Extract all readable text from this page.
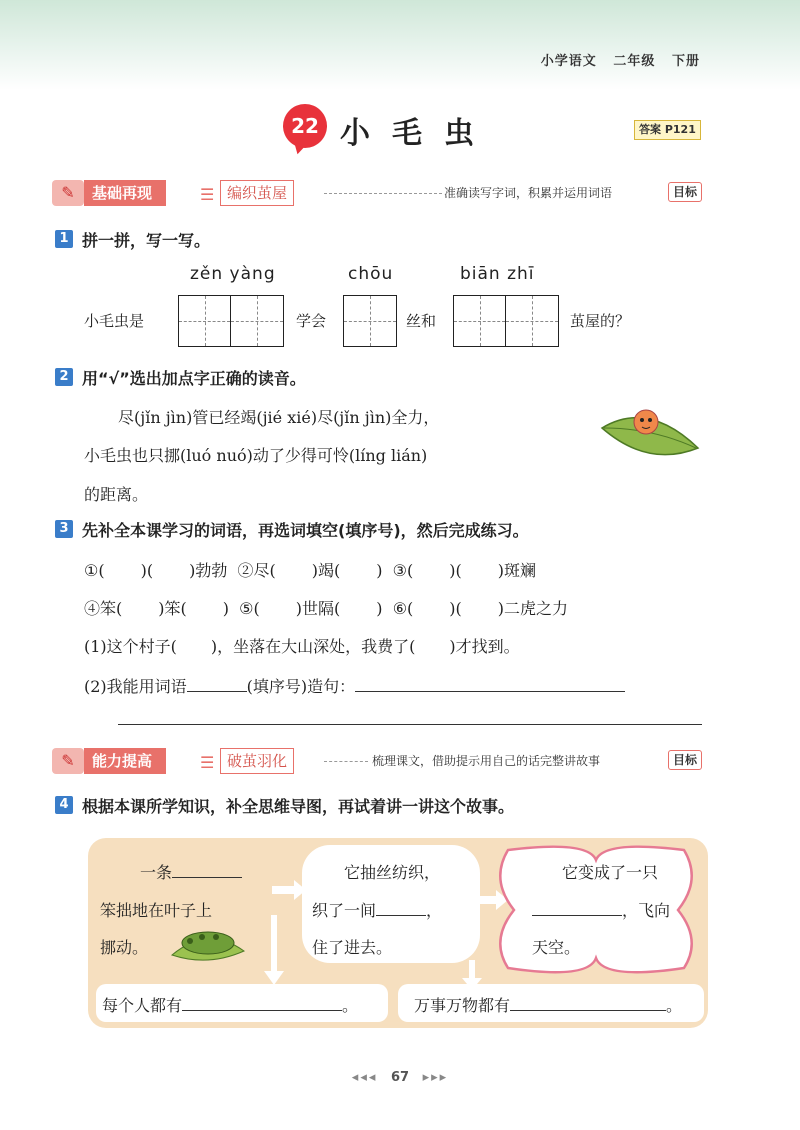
小学语文 二年级 下册
22 小毛虫	答案 P121
✎	基础再现	☰ 编织茧屋	准确读写字词，积累并运用词语	目标
1 拼一拼，写一写。
zěn yàng	chōu	biān zhī
小毛虫是	学会	丝和	茧屋的？
2 用“√”选出加点字正确的读音。
尽(jǐn jìn)管已经竭(jié xié)尽(jǐn jìn)全力，
小毛虫也只挪(luó nuó)动了少得可怜(líng lián)
的距离。
3 先补全本课学习的词语，再选词填空(填序号)，然后完成练习。
①( )( )勃勃 ②尽( )竭( ) ③( )( )斑斓
④笨( )笨( ) ⑤( )世隔( ) ⑥( )( )二虎之力
(1)这个村子( )，坐落在大山深处，我费了( )才找到。
(2)我能用词语	(填序号)造句：
✎	能力提高	☰ 破茧羽化	梳理课文，借助提示用自己的话完整讲故事	目标
4 根据本课所学知识，补全思维导图，再试着讲一讲这个故事。
一条
笨拙地在叶子上
挪动。
它抽丝纺织，
织了一间	，
住了进去。
它变成了一只
，飞向
天空。
每个人都有	。	万事万物都有	。
◂◂◂ 67 ▸▸▸
